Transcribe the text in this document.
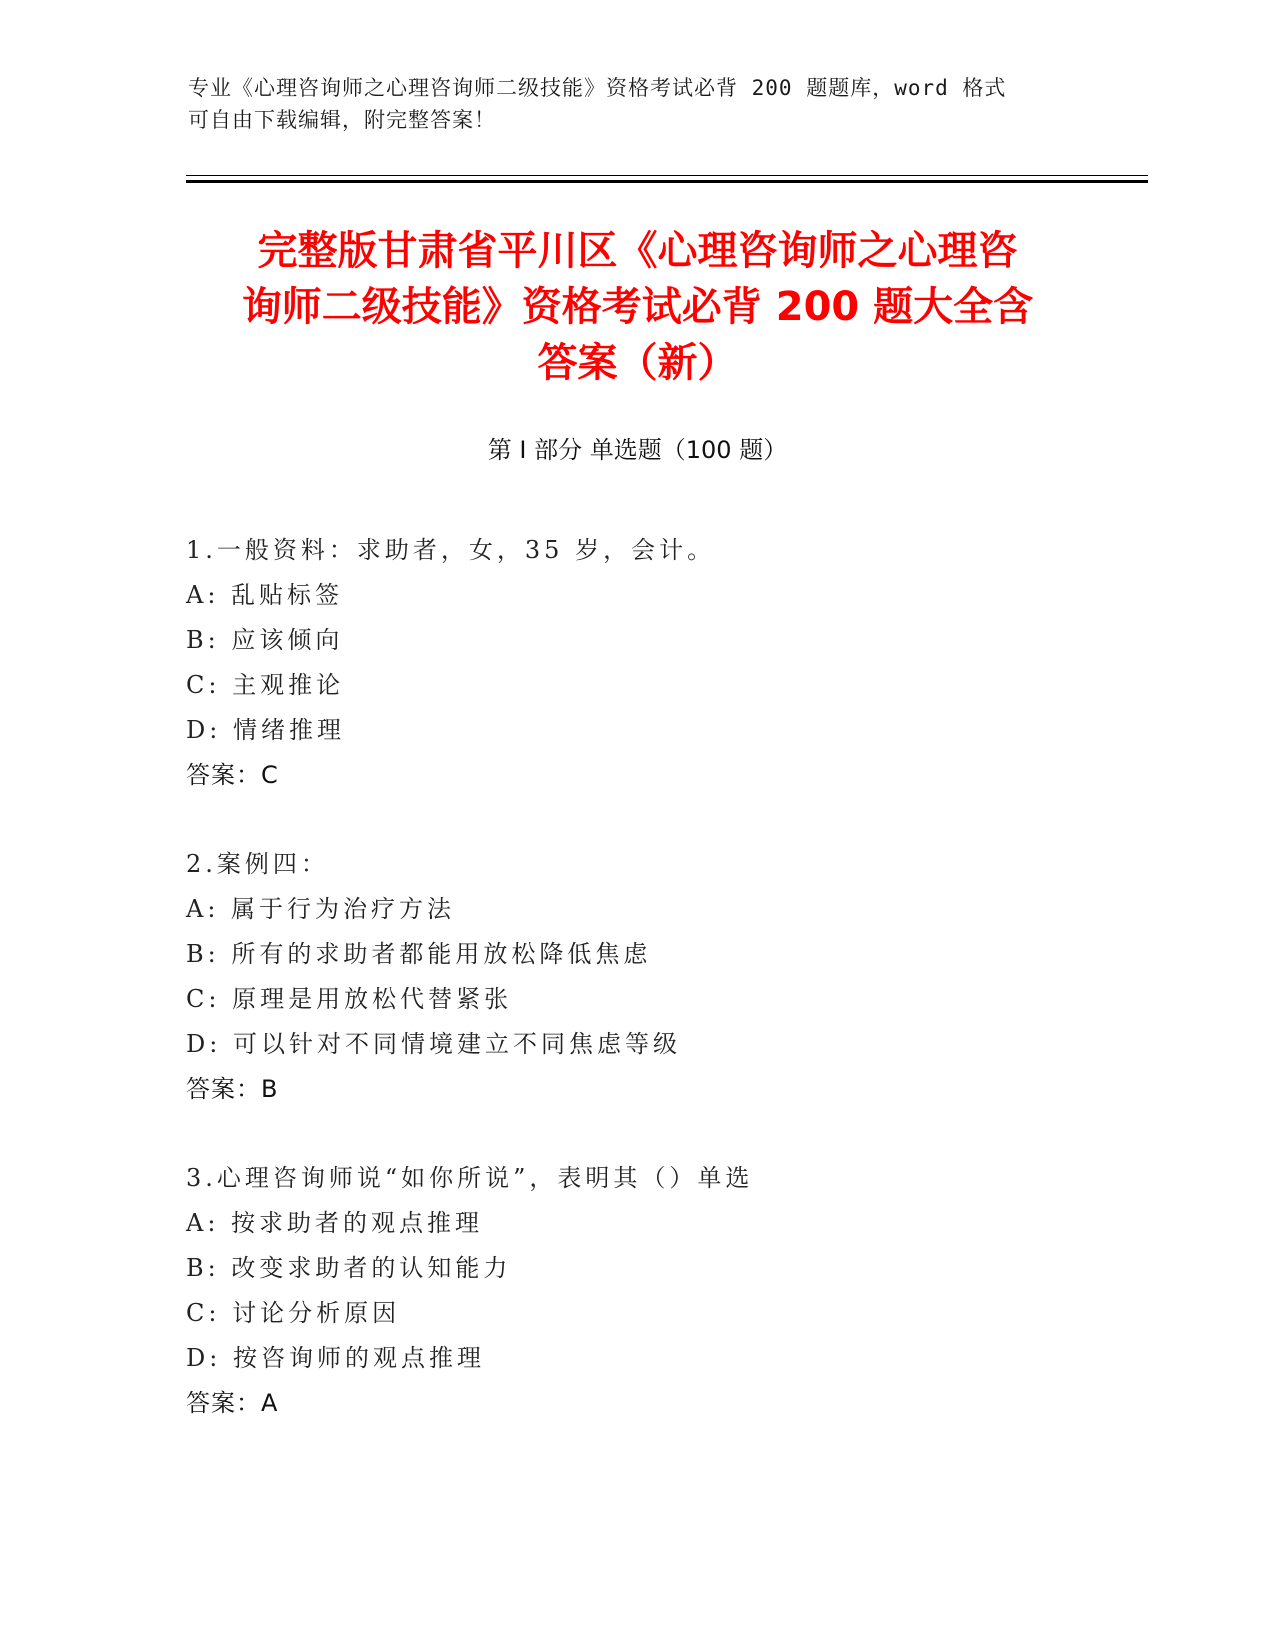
专业《心理咨询师之心理咨询师二级技能》资格考试必背 200 题题库，word 格式
可自由下载编辑，附完整答案！
完整版甘肃省平川区《心理咨询师之心理咨
询师二级技能》资格考试必背 200 题大全含
答案（新）
第 I 部分 单选题（100 题）
1.一般资料：求助者，女，35 岁，会计。
A: 乱贴标签
B: 应该倾向
C: 主观推论
D: 情绪推理
答案：C
2.案例四：
A: 属于行为治疗方法
B: 所有的求助者都能用放松降低焦虑
C: 原理是用放松代替紧张
D: 可以针对不同情境建立不同焦虑等级
答案：B
3.心理咨询师说“如你所说”，表明其（）单选
A: 按求助者的观点推理
B: 改变求助者的认知能力
C: 讨论分析原因
D: 按咨询师的观点推理
答案：A
